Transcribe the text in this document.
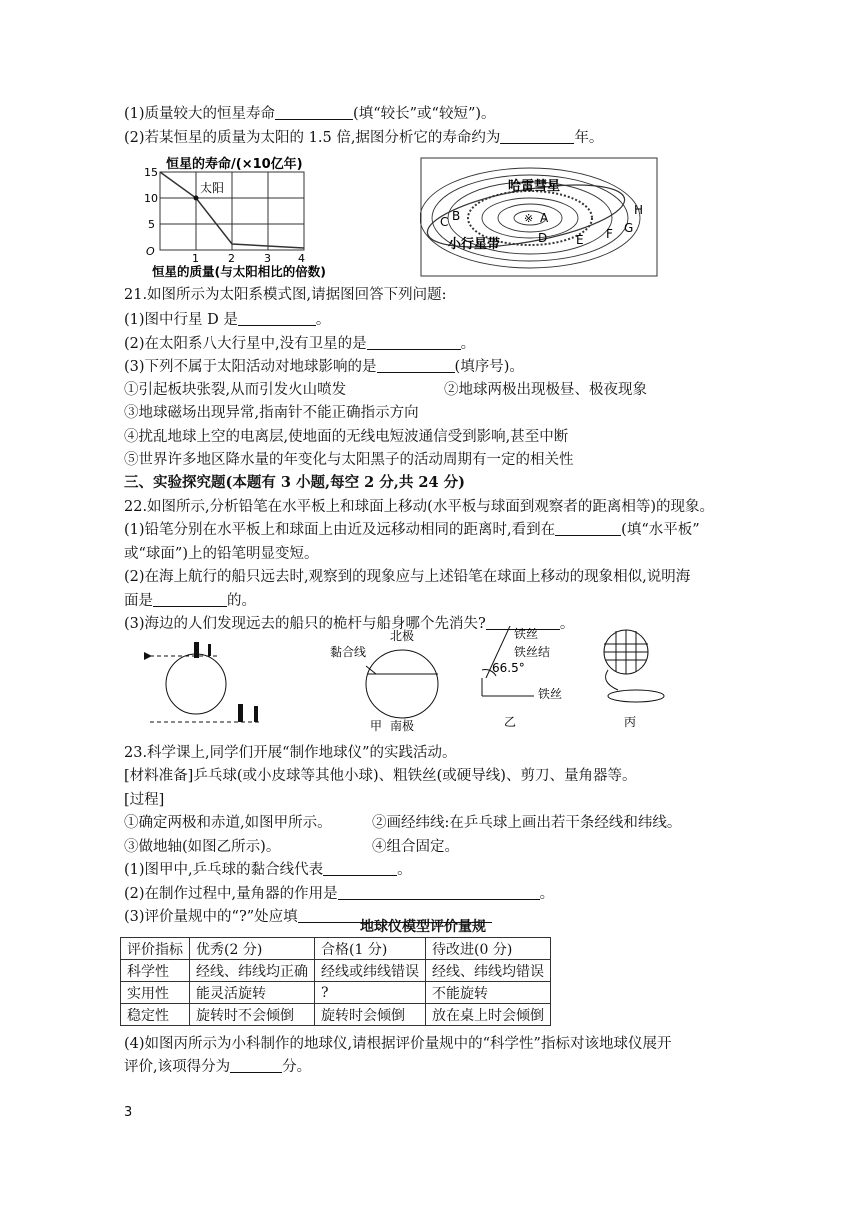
(1)质量较大的恒星寿命	(填“较长”或“较短”)。
(2)若某恒星的质量为太阳的 1.5 倍,据图分析它的寿命约为	年。
恒星的寿命/(×10亿年)
太阳
15
10
5
O
1	2	3 4
恒星的质量(与太阳相比的倍数)
※
哈雷彗星
小行星带
A
B
C
D E F G
H
21.如图所示为太阳系模式图,请据图回答下列问题:
(1)图中行星 D 是	。
(2)在太阳系八大行星中,没有卫星的是	。
(3)下列不属于太阳活动对地球影响的是	(填序号)。
①引起板块张裂,从而引发火山喷发	②地球两极出现极昼、极夜现象
③地球磁场出现异常,指南针不能正确指示方向
④扰乱地球上空的电离层,使地面的无线电短波通信受到影响,甚至中断
⑤世界许多地区降水量的年变化与太阳黑子的活动周期有一定的相关性
三、实验探究题(本题有 3 小题,每空 2 分,共 24 分)
22.如图所示,分析铅笔在水平板上和球面上移动(水平板与球面到观察者的距离相等)的现象。
(1)铅笔分别在水平板上和球面上由近及远移动相同的距离时,看到在	(填“水平板”
或“球面”)上的铅笔明显变短。
(2)在海上航行的船只远去时,观察到的现象应与上述铅笔在球面上移动的现象相似,说明海
面是	的。
(3)海边的人们发现远去的船只的桅杆与船身哪个先消失?	。
黏合线
北极
南极
甲
铁丝
铁丝结
66.5°
铁丝
乙	丙
23.科学课上,同学们开展“制作地球仪”的实践活动。
[材料准备]乒乓球(或小皮球等其他小球)、粗铁丝(或硬导线)、剪刀、量角器等。
[过程]
①确定两极和赤道,如图甲所示。	②画经纬线:在乒乓球上画出若干条经线和纬线。
③做地轴(如图乙所示)。	④组合固定。
(1)图甲中,乒乓球的黏合线代表	。
(2)在制作过程中,量角器的作用是	。
(3)评价量规中的“?”处应填
地球仪模型评价量规
评价指标	优秀(2 分)	合格(1 分)	待改进(0 分)
科学性	经线、纬线均正确	经线或纬线错误	经线、纬线均错误
实用性	能灵活旋转	?	不能旋转
稳定性	旋转时不会倾倒	旋转时会倾倒	放在桌上时会倾倒
(4)如图丙所示为小科制作的地球仪,请根据评价量规中的“科学性”指标对该地球仪展开
评价,该项得分为	分。
3
